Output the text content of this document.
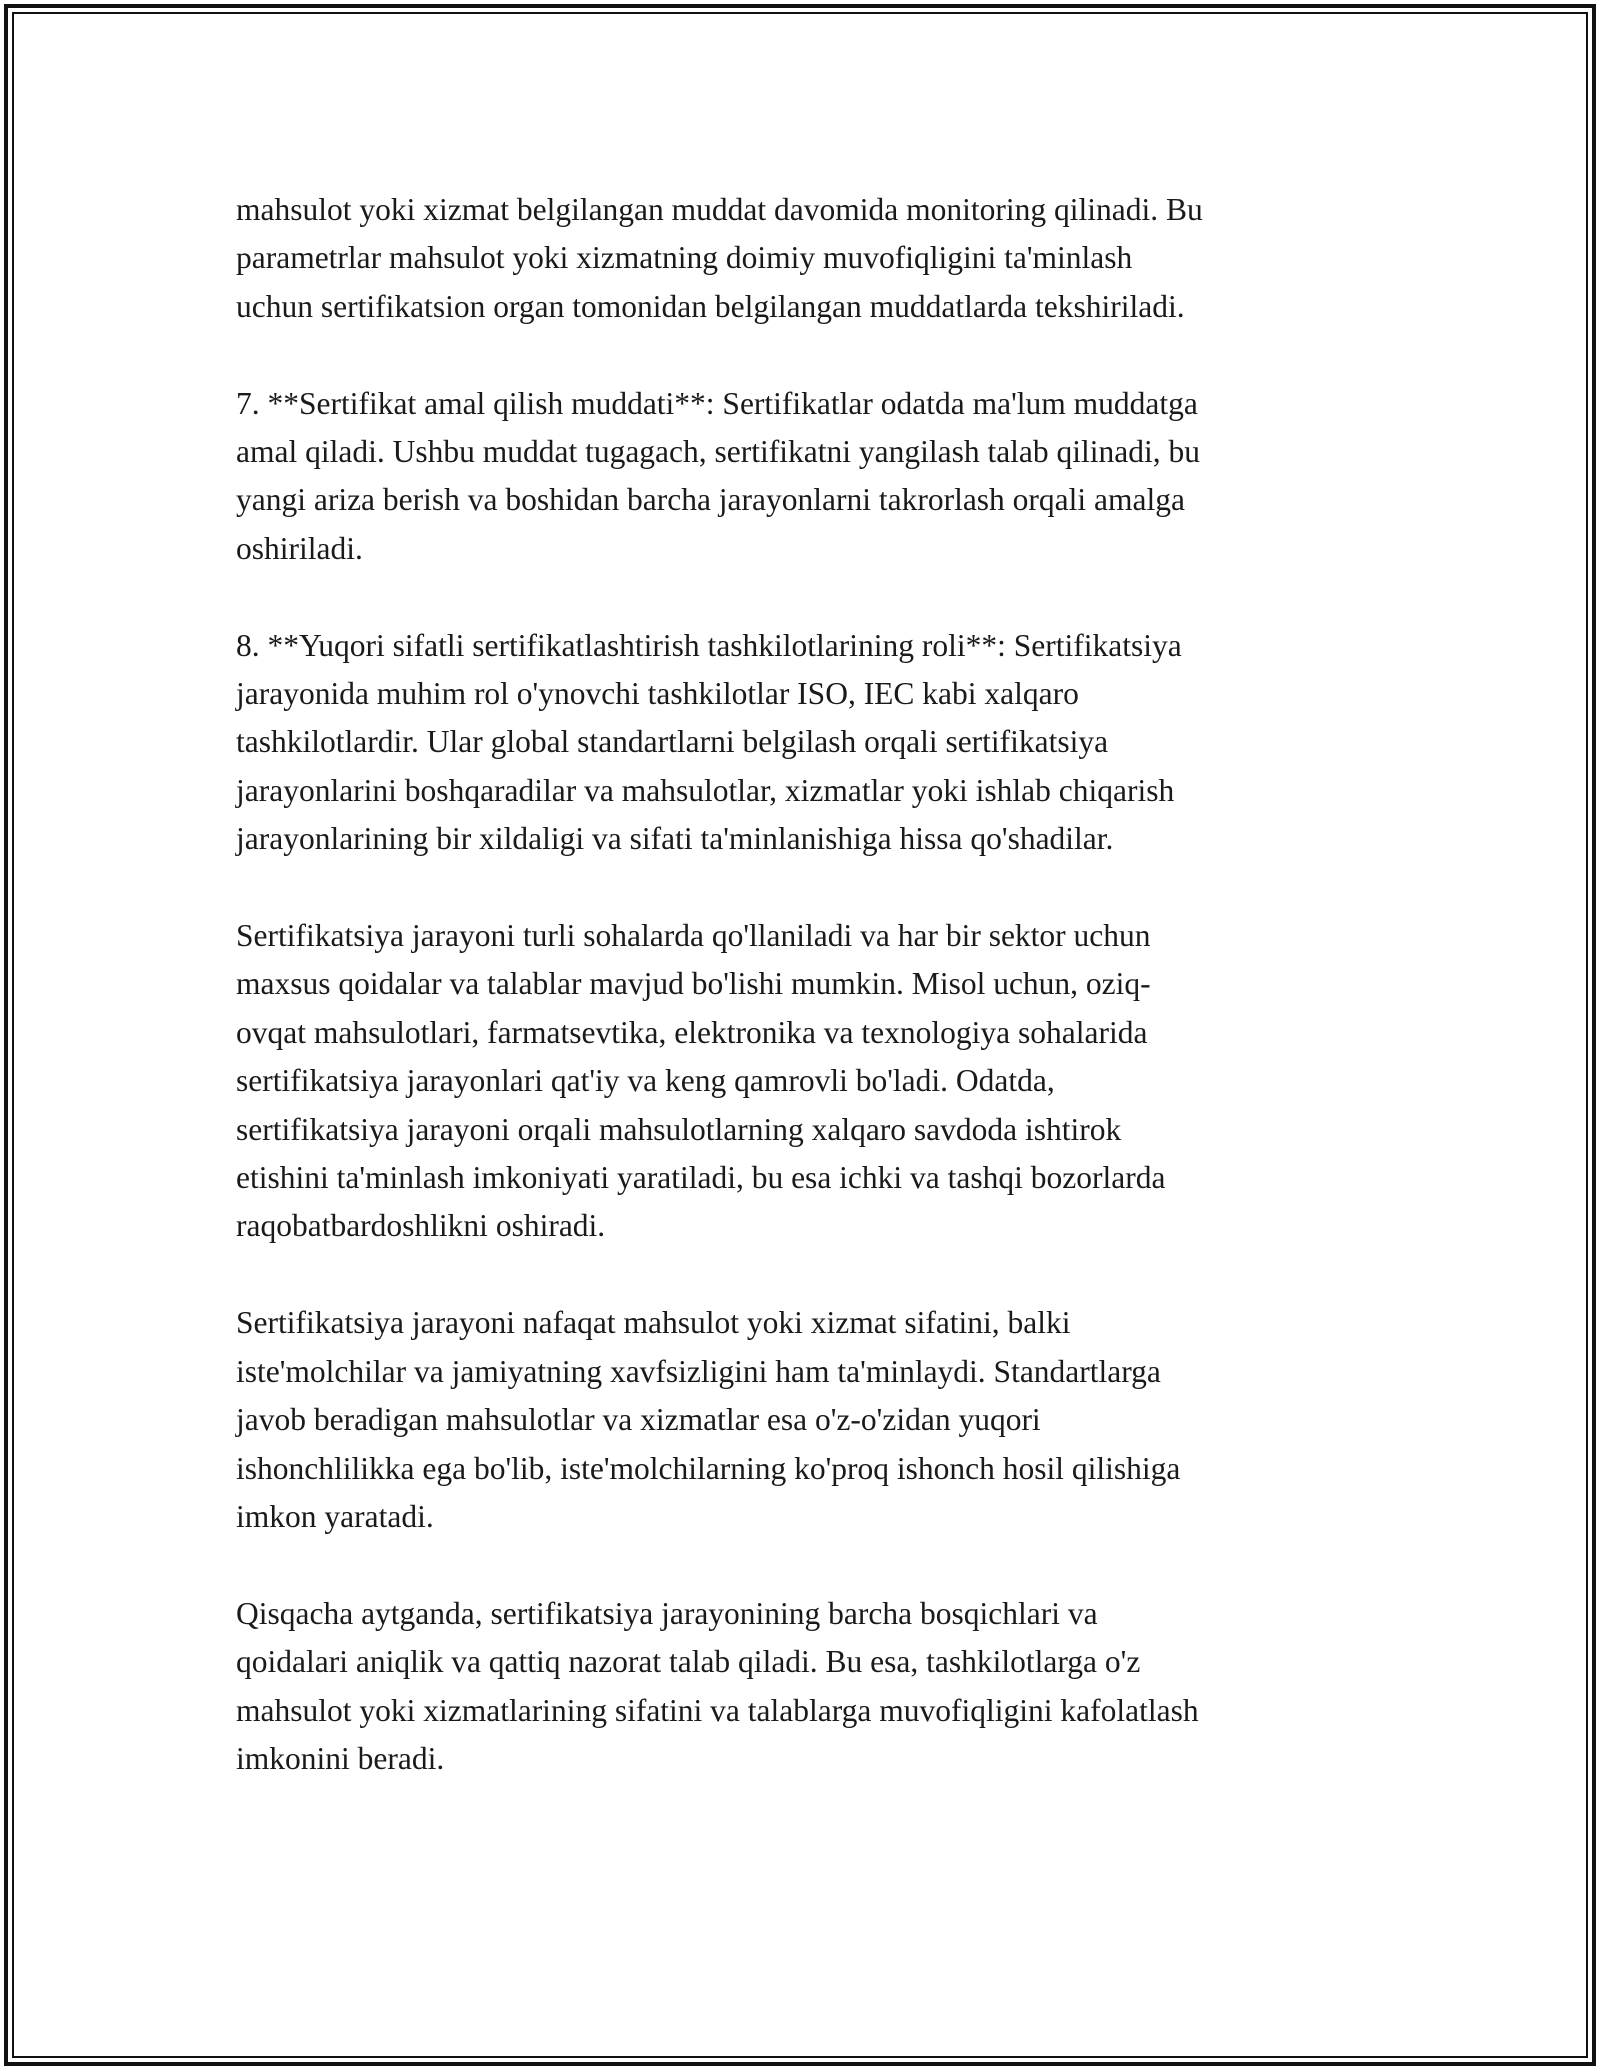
mahsulot yoki xizmat belgilangan muddat davomida monitoring qilinadi. Bu
parametrlar mahsulot yoki xizmatning doimiy muvofiqligini ta'minlash
uchun sertifikatsion organ tomonidan belgilangan muddatlarda tekshiriladi.

7. **Sertifikat amal qilish muddati**: Sertifikatlar odatda ma'lum muddatga
amal qiladi. Ushbu muddat tugagach, sertifikatni yangilash talab qilinadi, bu
yangi ariza berish va boshidan barcha jarayonlarni takrorlash orqali amalga
oshiriladi.

8. **Yuqori sifatli sertifikatlashtirish tashkilotlarining roli**: Sertifikatsiya
jarayonida muhim rol o'ynovchi tashkilotlar ISO, IEC kabi xalqaro
tashkilotlardir. Ular global standartlarni belgilash orqali sertifikatsiya
jarayonlarini boshqaradilar va mahsulotlar, xizmatlar yoki ishlab chiqarish
jarayonlarining bir xildaligi va sifati ta'minlanishiga hissa qo'shadilar.

Sertifikatsiya jarayoni turli sohalarda qo'llaniladi va har bir sektor uchun
maxsus qoidalar va talablar mavjud bo'lishi mumkin. Misol uchun, oziq-
ovqat mahsulotlari, farmatsevtika, elektronika va texnologiya sohalarida
sertifikatsiya jarayonlari qat'iy va keng qamrovli bo'ladi. Odatda,
sertifikatsiya jarayoni orqali mahsulotlarning xalqaro savdoda ishtirok
etishini ta'minlash imkoniyati yaratiladi, bu esa ichki va tashqi bozorlarda
raqobatbardoshlikni oshiradi.

Sertifikatsiya jarayoni nafaqat mahsulot yoki xizmat sifatini, balki
iste'molchilar va jamiyatning xavfsizligini ham ta'minlaydi. Standartlarga
javob beradigan mahsulotlar va xizmatlar esa o'z-o'zidan yuqori
ishonchlilikka ega bo'lib, iste'molchilarning ko'proq ishonch hosil qilishiga
imkon yaratadi.

Qisqacha aytganda, sertifikatsiya jarayonining barcha bosqichlari va
qoidalari aniqlik va qattiq nazorat talab qiladi. Bu esa, tashkilotlarga o'z
mahsulot yoki xizmatlarining sifatini va talablarga muvofiqligini kafolatlash
imkonini beradi.
